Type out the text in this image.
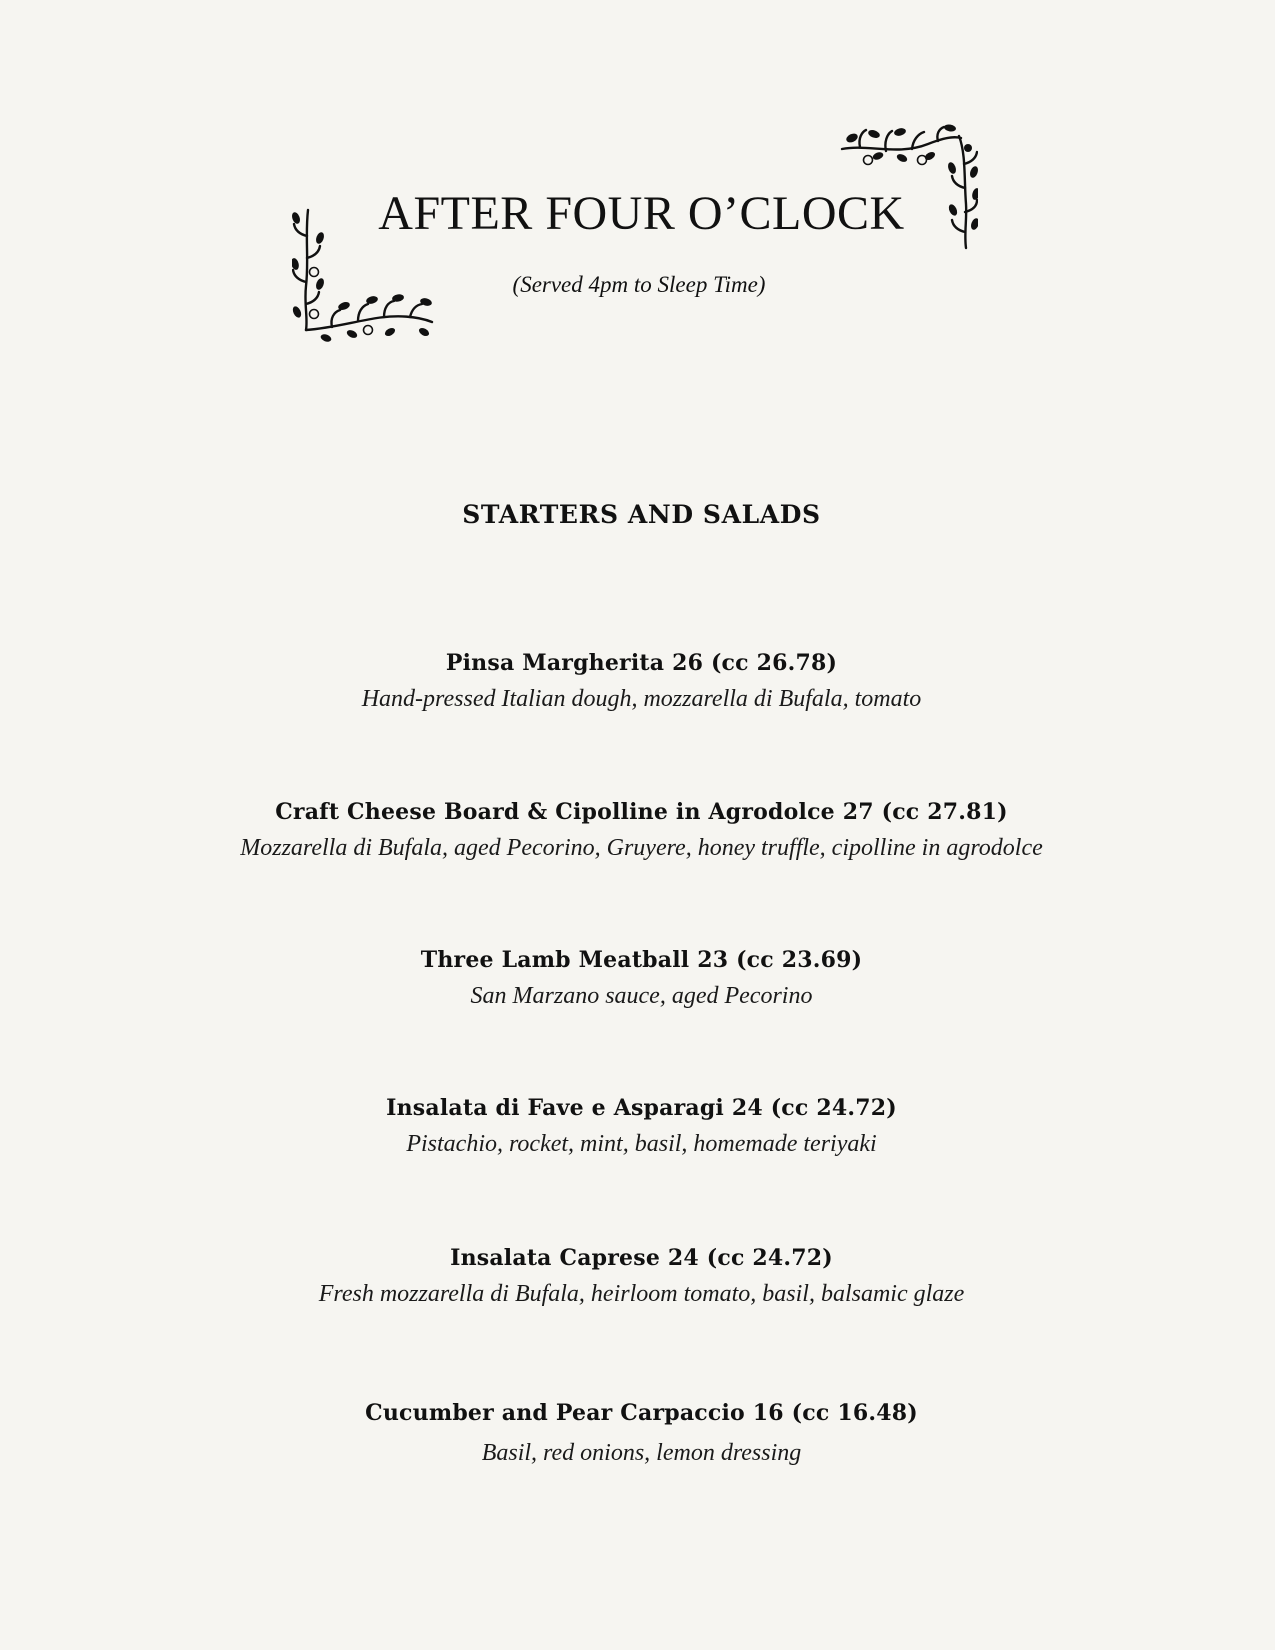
AFTER FOUR O’CLOCK
(Served 4pm to Sleep Time)
STARTERS AND SALADS
Pinsa Margherita 26 (cc 26.78)
Hand-pressed Italian dough, mozzarella di Bufala, tomato
Craft Cheese Board & Cipolline in Agrodolce 27 (cc 27.81)
Mozzarella di Bufala, aged Pecorino, Gruyere, honey truffle, cipolline in agrodolce
Three Lamb Meatball 23 (cc 23.69)
San Marzano sauce, aged Pecorino
Insalata di Fave e Asparagi 24 (cc 24.72)
Pistachio, rocket, mint, basil, homemade teriyaki
Insalata Caprese 24 (cc 24.72)
Fresh mozzarella di Bufala, heirloom tomato, basil, balsamic glaze
Cucumber and Pear Carpaccio 16 (cc 16.48)
Basil, red onions, lemon dressing
